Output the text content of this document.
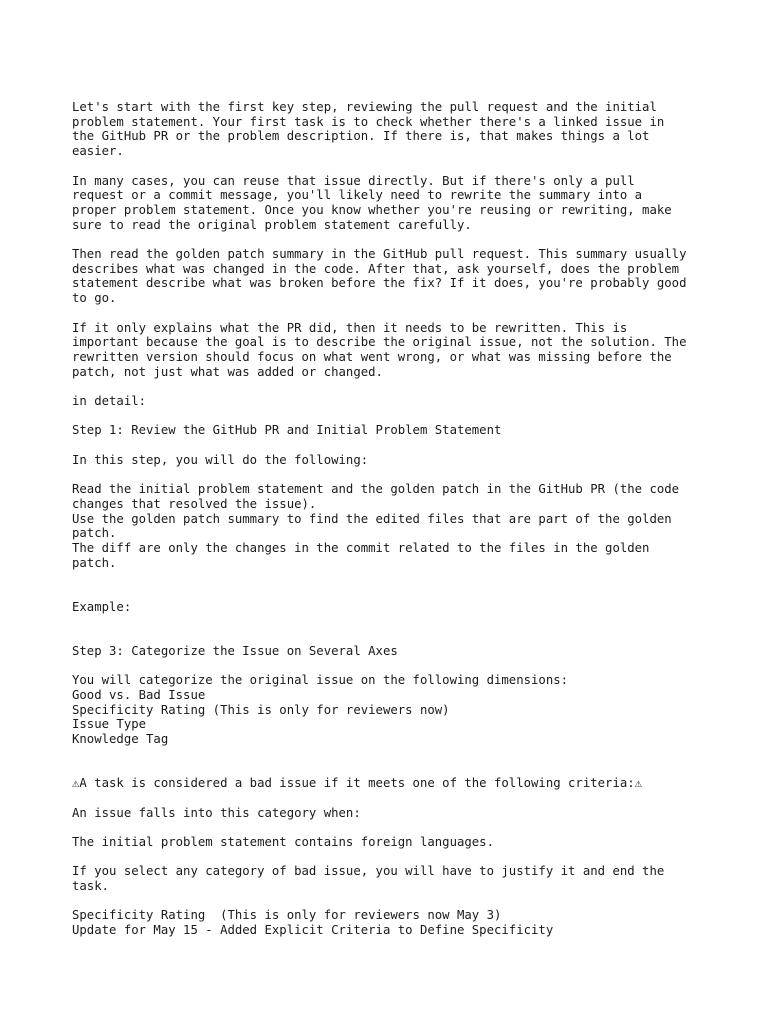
Let's start with the first key step, reviewing the pull request and the initial
problem statement. Your first task is to check whether there's a linked issue in
the GitHub PR or the problem description. If there is, that makes things a lot
easier.
In many cases, you can reuse that issue directly. But if there's only a pull
request or a commit message, you'll likely need to rewrite the summary into a
proper problem statement. Once you know whether you're reusing or rewriting, make
sure to read the original problem statement carefully.
Then read the golden patch summary in the GitHub pull request. This summary usually
describes what was changed in the code. After that, ask yourself, does the problem
statement describe what was broken before the fix? If it does, you're probably good
to go.
If it only explains what the PR did, then it needs to be rewritten. This is
important because the goal is to describe the original issue, not the solution. The
rewritten version should focus on what went wrong, or what was missing before the
patch, not just what was added or changed.
in detail:
Step 1: Review the GitHub PR and Initial Problem Statement
In this step, you will do the following:
Read the initial problem statement and the golden patch in the GitHub PR (the code
changes that resolved the issue).
Use the golden patch summary to find the edited files that are part of the golden
patch.
The diff are only the changes in the commit related to the files in the golden
patch.
Example:
Step 3: Categorize the Issue on Several Axes
You will categorize the original issue on the following dimensions:
Good vs. Bad Issue
Specificity Rating (This is only for reviewers now)
Issue Type
Knowledge Tag
⚠A task is considered a bad issue if it meets one of the following criteria:⚠
An issue falls into this category when:
The initial problem statement contains foreign languages.
If you select any category of bad issue, you will have to justify it and end the
task.
Specificity Rating  (This is only for reviewers now May 3)
Update for May 15 - Added Explicit Criteria to Define Specificity
